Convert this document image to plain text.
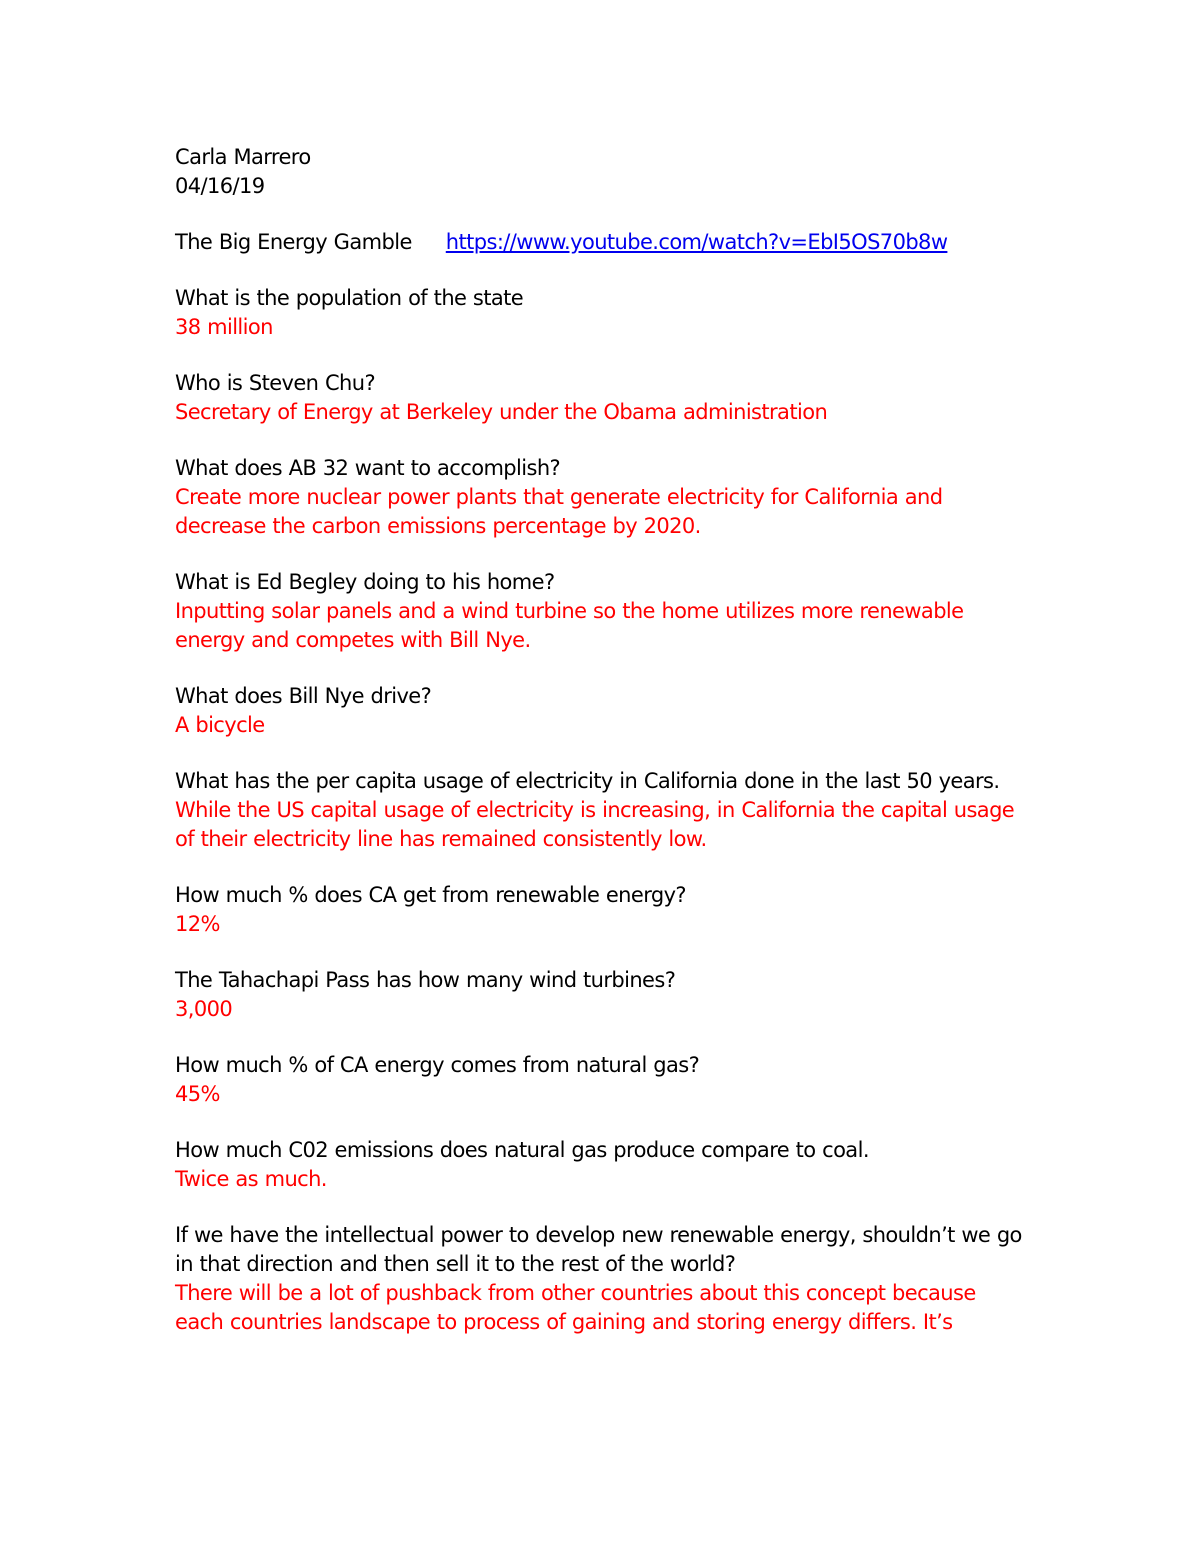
Carla Marrero
04/16/19
The Big Energy Gamble https://www.youtube.com/watch?v=EbI5OS70b8w
What is the population of the state
38 million
Who is Steven Chu?
Secretary of Energy at Berkeley under the Obama administration
What does AB 32 want to accomplish?
Create more nuclear power plants that generate electricity for California and decrease the carbon emissions percentage by 2020.
What is Ed Begley doing to his home?
Inputting solar panels and a wind turbine so the home utilizes more renewable energy and competes with Bill Nye.
What does Bill Nye drive?
A bicycle
What has the per capita usage of electricity in California done in the last 50 years.
While the US capital usage of electricity is increasing, in California the capital usage of their electricity line has remained consistently low.
How much % does CA get from renewable energy?
12%
The Tahachapi Pass has how many wind turbines?
3,000
How much % of CA energy comes from natural gas?
45%
How much C02 emissions does natural gas produce compare to coal.
Twice as much.
If we have the intellectual power to develop new renewable energy, shouldn’t we go in that direction and then sell it to the rest of the world?
There will be a lot of pushback from other countries about this concept because each countries landscape to process of gaining and storing energy differs. It’s
